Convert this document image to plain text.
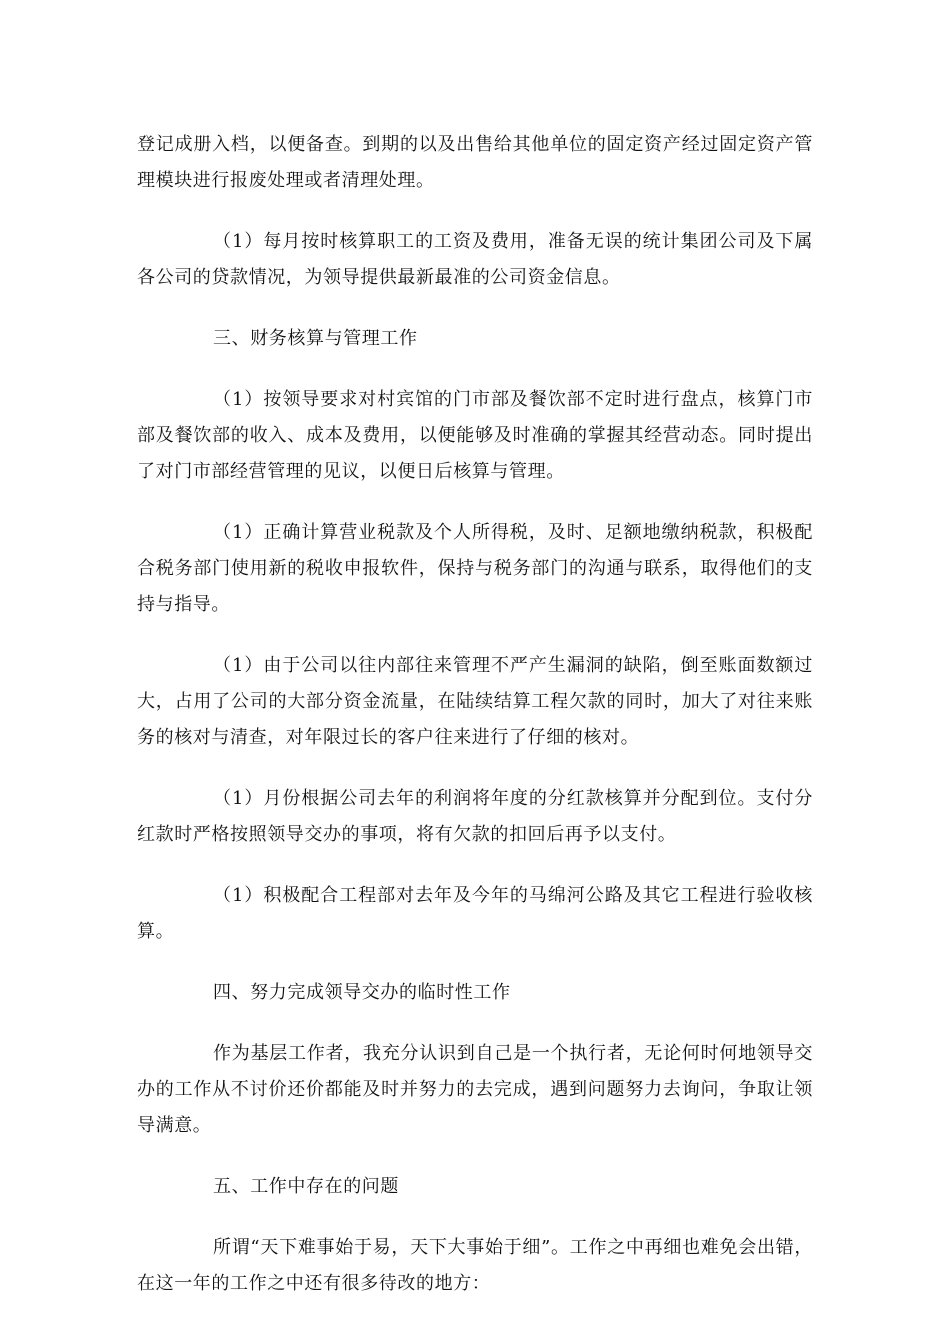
登记成册入档，以便备查。到期的以及出售给其他单位的固定资产经过固定资产管理模块进行报废处理或者清理处理。

（1）每月按时核算职工的工资及费用，准备无误的统计集团公司及下属各公司的贷款情况，为领导提供最新最准的公司资金信息。

三、财务核算与管理工作

（1）按领导要求对村宾馆的门市部及餐饮部不定时进行盘点，核算门市部及餐饮部的收入、成本及费用，以便能够及时准确的掌握其经营动态。同时提出了对门市部经营管理的见议，以便日后核算与管理。

（1）正确计算营业税款及个人所得税，及时、足额地缴纳税款，积极配合税务部门使用新的税收申报软件，保持与税务部门的沟通与联系，取得他们的支持与指导。

（1）由于公司以往内部往来管理不严产生漏洞的缺陷，倒至账面数额过大，占用了公司的大部分资金流量，在陆续结算工程欠款的同时，加大了对往来账务的核对与清查，对年限过长的客户往来进行了仔细的核对。

（1）月份根据公司去年的利润将年度的分红款核算并分配到位。支付分红款时严格按照领导交办的事项，将有欠款的扣回后再予以支付。

（1）积极配合工程部对去年及今年的马绵河公路及其它工程进行验收核算。

四、努力完成领导交办的临时性工作

作为基层工作者，我充分认识到自己是一个执行者，无论何时何地领导交办的工作从不讨价还价都能及时并努力的去完成，遇到问题努力去询问，争取让领导满意。

五、工作中存在的问题

所谓“天下难事始于易，天下大事始于细”。工作之中再细也难免会出错，在这一年的工作之中还有很多待改的地方：
